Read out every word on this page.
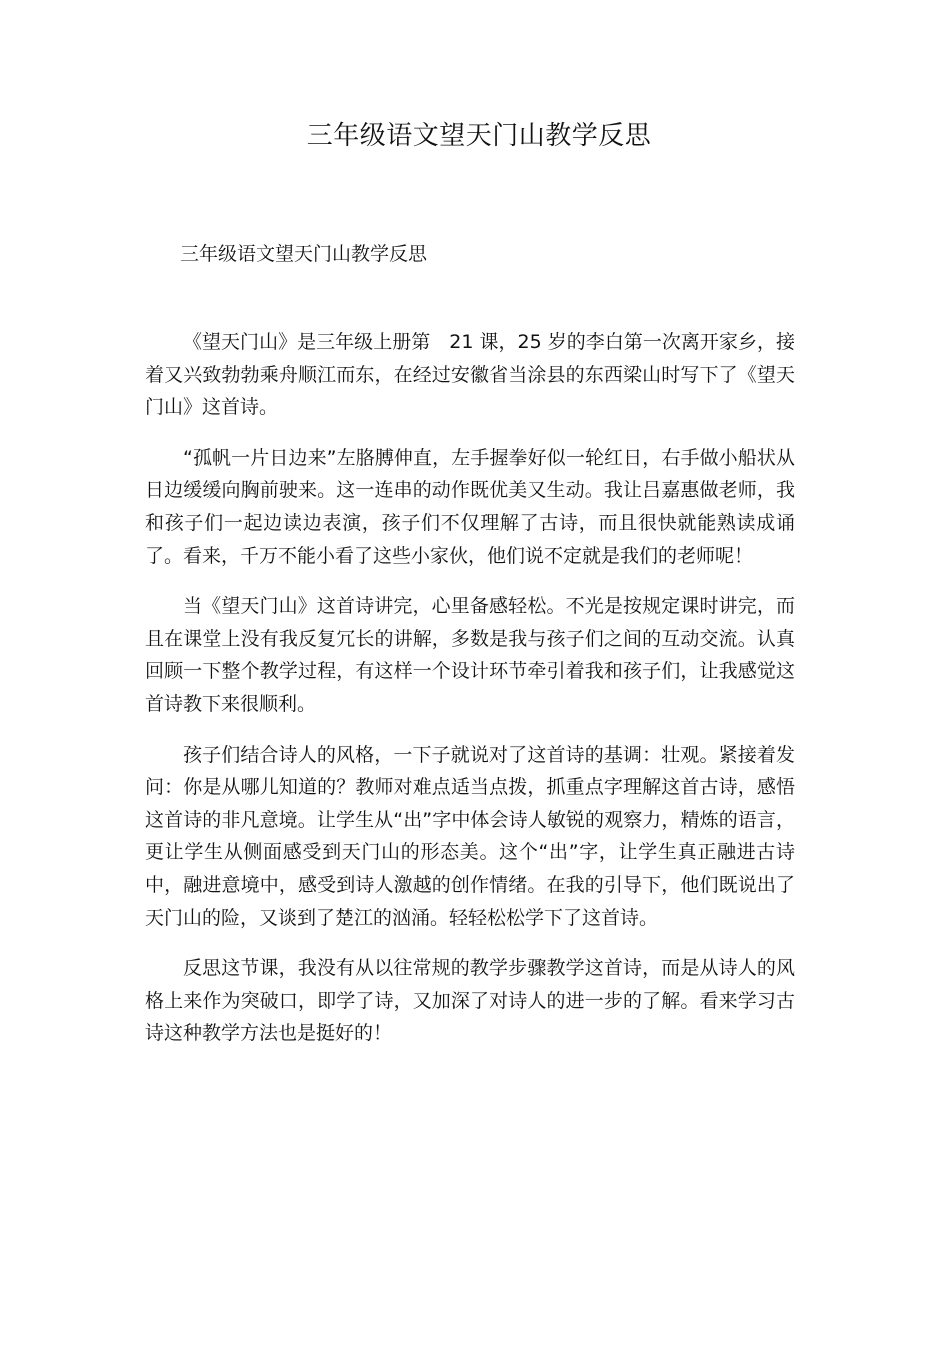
三年级语文望天门山教学反思

三年级语文望天门山教学反思

《望天门山》是三年级上册第　21 课，25 岁的李白第一次离开家乡，接着又兴致勃勃乘舟顺江而东，在经过安徽省当涂县的东西梁山时写下了《望天门山》这首诗。

“孤帆一片日边来”左胳膊伸直，左手握拳好似一轮红日，右手做小船状从日边缓缓向胸前驶来。这一连串的动作既优美又生动。我让吕嘉惠做老师，我和孩子们一起边读边表演，孩子们不仅理解了古诗，而且很快就能熟读成诵了。看来，千万不能小看了这些小家伙，他们说不定就是我们的老师呢！

当《望天门山》这首诗讲完，心里备感轻松。不光是按规定课时讲完，而且在课堂上没有我反复冗长的讲解，多数是我与孩子们之间的互动交流。认真回顾一下整个教学过程，有这样一个设计环节牵引着我和孩子们，让我感觉这首诗教下来很顺利。

孩子们结合诗人的风格，一下子就说对了这首诗的基调：壮观。紧接着发问：你是从哪儿知道的？教师对难点适当点拨，抓重点字理解这首古诗，感悟这首诗的非凡意境。让学生从“出”字中体会诗人敏锐的观察力，精炼的语言，更让学生从侧面感受到天门山的形态美。这个“出”字，让学生真正融进古诗中，融进意境中，感受到诗人激越的创作情绪。在我的引导下，他们既说出了天门山的险，又谈到了楚江的汹涌。轻轻松松学下了这首诗。

反思这节课，我没有从以往常规的教学步骤教学这首诗，而是从诗人的风格上来作为突破口，即学了诗，又加深了对诗人的进一步的了解。看来学习古诗这种教学方法也是挺好的！
